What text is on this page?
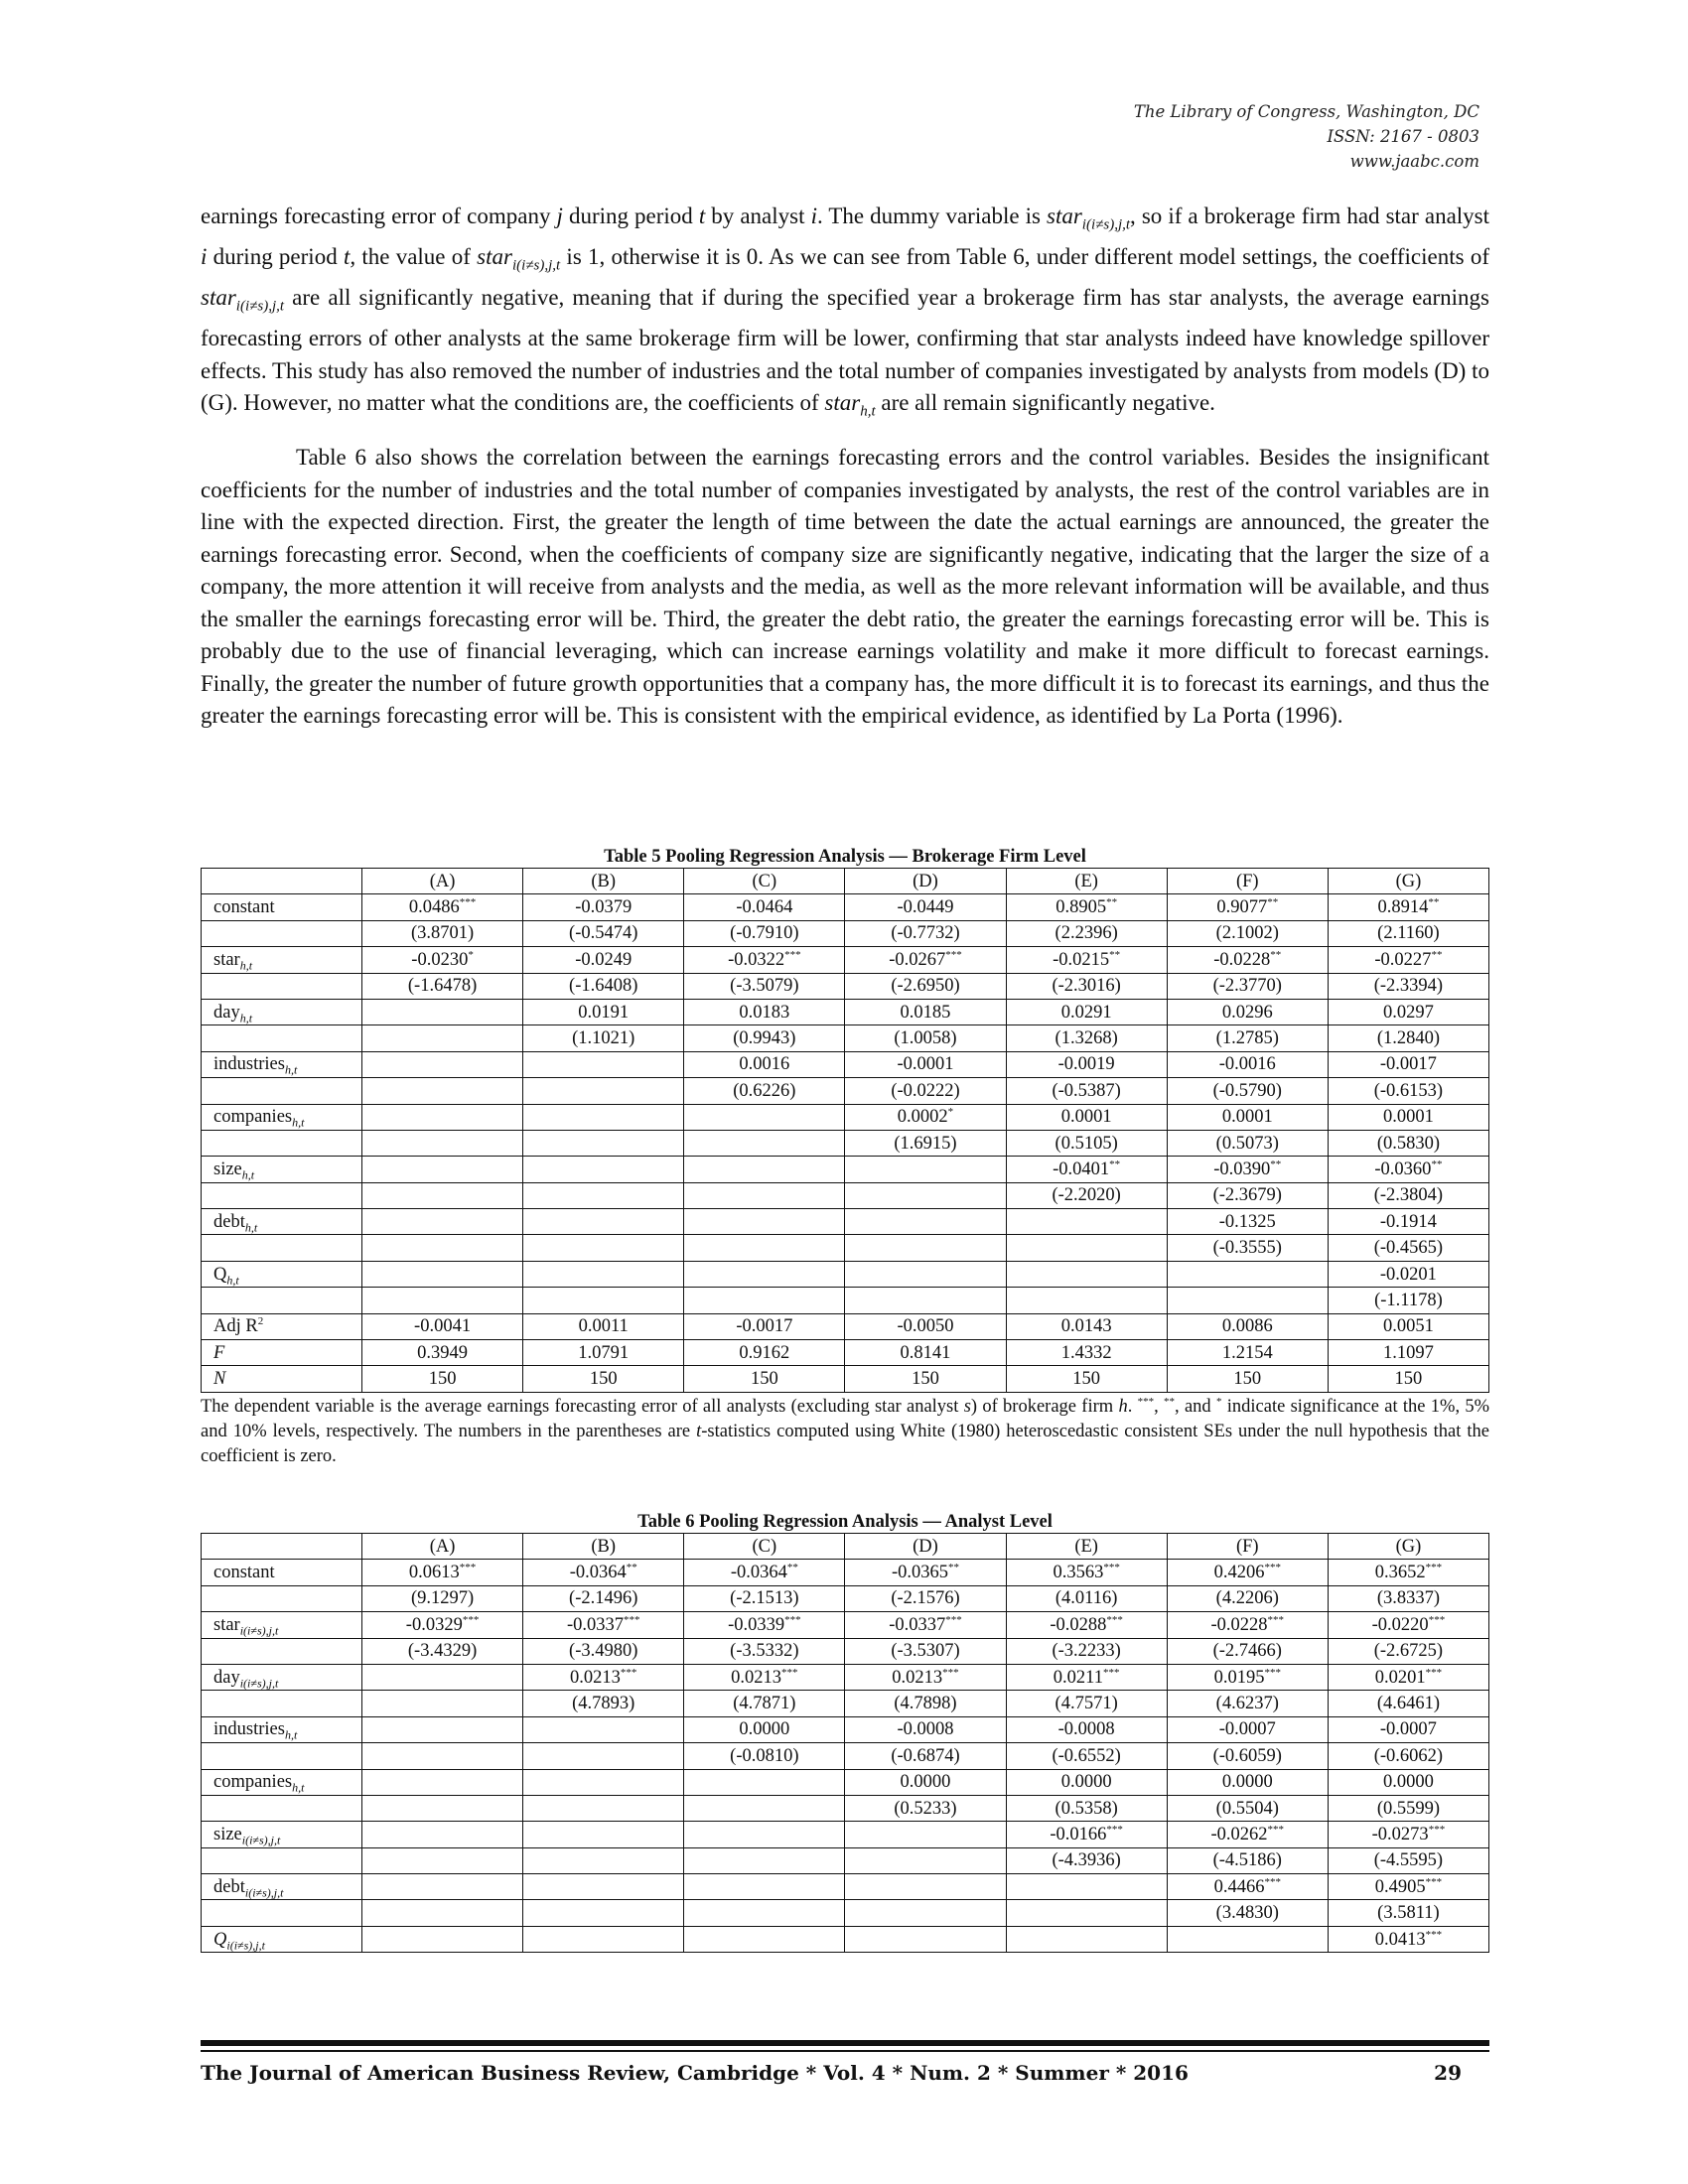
The Library of Congress, Washington, DC
ISSN: 2167 - 0803
www.jaabc.com

earnings forecasting error of company j during period t by analyst i. The dummy variable is star$_{i(i\ne s),j,t}$, so if a brokerage firm had star analyst i during period t, the value of star$_{i(i\ne s),j,t}$ is 1, otherwise it is 0. As we can see from Table 6, under different model settings, the coefficients of star$_{i(i\ne s),j,t}$ are all significantly negative, meaning that if during the specified year a brokerage firm has star analysts, the average earnings forecasting errors of other analysts at the same brokerage firm will be lower, confirming that star analysts indeed have knowledge spillover effects. This study has also removed the number of industries and the total number of companies investigated by analysts from models (D) to (G). However, no matter what the conditions are, the coefficients of star$_{h,t}$ are all remain significantly negative.

Table 6 also shows the correlation between the earnings forecasting errors and the control variables. Besides the insignificant coefficients for the number of industries and the total number of companies investigated by analysts, the rest of the control variables are in line with the expected direction. First, the greater the length of time between the date the actual earnings are announced, the greater the earnings forecasting error. Second, when the coefficients of company size are significantly negative, indicating that the larger the size of a company, the more attention it will receive from analysts and the media, as well as the more relevant information will be available, and thus the smaller the earnings forecasting error will be. Third, the greater the debt ratio, the greater the earnings forecasting error will be. This is probably due to the use of financial leveraging, which can increase earnings volatility and make it more difficult to forecast earnings. Finally, the greater the number of future growth opportunities that a company has, the more difficult it is to forecast its earnings, and thus the greater the earnings forecasting error will be. This is consistent with the empirical evidence, as identified by La Porta (1996).

Table 5 Pooling Regression Analysis — Brokerage Firm Level
	(A)	(B)	(C)	(D)	(E)	(F)	(G)
constant	0.0486***	-0.0379	-0.0464	-0.0449	0.8905**	0.9077**	0.8914**
	(3.8701)	(-0.5474)	(-0.7910)	(-0.7732)	(2.2396)	(2.1002)	(2.1160)
star$_{h,t}$	-0.0230*	-0.0249	-0.0322***	-0.0267***	-0.0215**	-0.0228**	-0.0227**
	(-1.6478)	(-1.6408)	(-3.5079)	(-2.6950)	(-2.3016)	(-2.3770)	(-2.3394)
day$_{h,t}$		0.0191	0.0183	0.0185	0.0291	0.0296	0.0297
		(1.1021)	(0.9943)	(1.0058)	(1.3268)	(1.2785)	(1.2840)
industries$_{h,t}$			0.0016	-0.0001	-0.0019	-0.0016	-0.0017
			(0.6226)	(-0.0222)	(-0.5387)	(-0.5790)	(-0.6153)
companies$_{h,t}$				0.0002*	0.0001	0.0001	0.0001
				(1.6915)	(0.5105)	(0.5073)	(0.5830)
size$_{h,t}$					-0.0401**	-0.0390**	-0.0360**
					(-2.2020)	(-2.3679)	(-2.3804)
debt$_{h,t}$						-0.1325	-0.1914
						(-0.3555)	(-0.4565)
$Q_{h,t}$							-0.0201
							(-1.1178)
Adj $R^2$	-0.0041	0.0011	-0.0017	-0.0050	0.0143	0.0086	0.0051
F	0.3949	1.0791	0.9162	0.8141	1.4332	1.2154	1.1097
N	150	150	150	150	150	150	150
The dependent variable is the average earnings forecasting error of all analysts (excluding star analyst s) of brokerage firm h. ***, **, and * indicate significance at the 1%, 5% and 10% levels, respectively. The numbers in the parentheses are t-statistics computed using White (1980) heteroscedastic consistent SEs under the null hypothesis that the coefficient is zero.
Table 6 Pooling Regression Analysis — Analyst Level
	(A)	(B)	(C)	(D)	(E)	(F)	(G)
constant	0.0613***	-0.0364**	-0.0364**	-0.0365**	0.3563***	0.4206***	0.3652***
	(9.1297)	(-2.1496)	(-2.1513)	(-2.1576)	(4.0116)	(4.2206)	(3.8337)
star$_{i(i\ne s),j,t}$	-0.0329***	-0.0337***	-0.0339***	-0.0337***	-0.0288***	-0.0228***	-0.0220***
	(-3.4329)	(-3.4980)	(-3.5332)	(-3.5307)	(-3.2233)	(-2.7466)	(-2.6725)
day$_{i(i\ne s),j,t}$		0.0213***	0.0213***	0.0213***	0.0211***	0.0195***	0.0201***
		(4.7893)	(4.7871)	(4.7898)	(4.7571)	(4.6237)	(4.6461)
industries$_{h,t}$			0.0000	-0.0008	-0.0008	-0.0007	-0.0007
			(-0.0810)	(-0.6874)	(-0.6552)	(-0.6059)	(-0.6062)
companies$_{h,t}$				0.0000	0.0000	0.0000	0.0000
				(0.5233)	(0.5358)	(0.5504)	(0.5599)
size$_{i(i\ne s),j,t}$					-0.0166***	-0.0262***	-0.0273***
					(-4.3936)	(-4.5186)	(-4.5595)
debt$_{i(i\ne s),j,t}$						0.4466***	0.4905***
						(3.4830)	(3.5811)
$Q_{i(i\ne s),j,t}$							0.0413***
The Journal of American Business Review, Cambridge * Vol. 4 * Num. 2 * Summer * 2016	29
